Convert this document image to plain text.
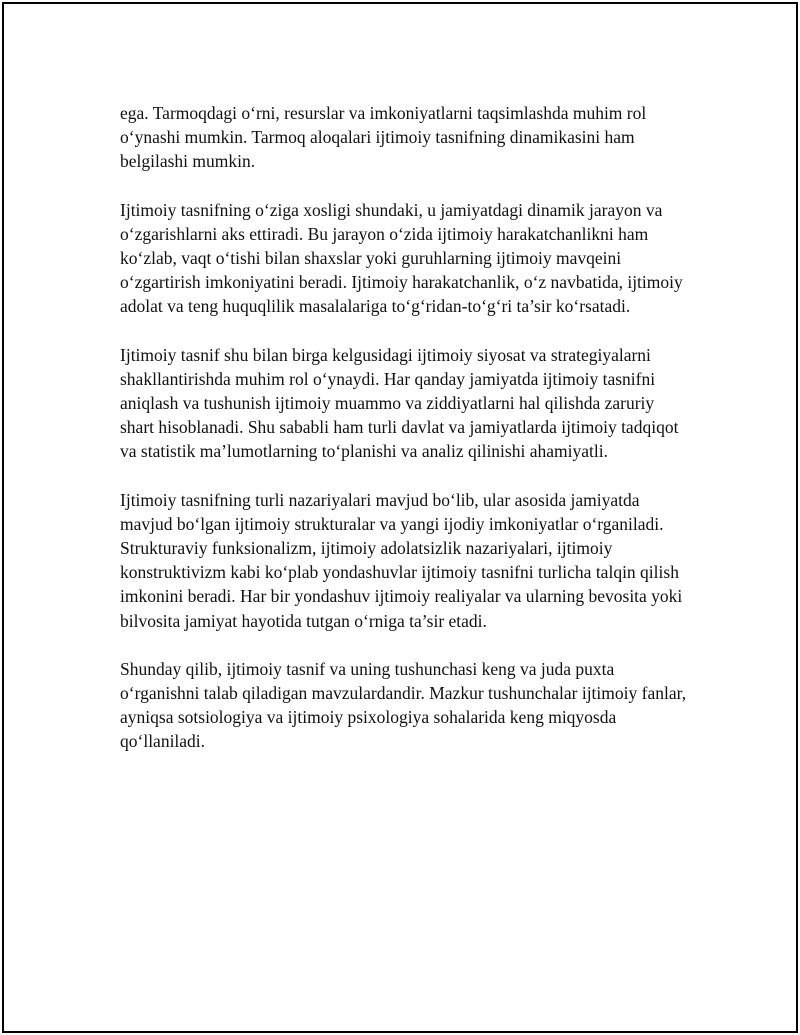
ega. Tarmoqdagi o‘rni, resurslar va imkoniyatlarni taqsimlashda muhim rol o‘ynashi mumkin. Tarmoq aloqalari ijtimoiy tasnifning dinamikasini ham belgilashi mumkin.

Ijtimoiy tasnifning o‘ziga xosligi shundaki, u jamiyatdagi dinamik jarayon va o‘zgarishlarni aks ettiradi. Bu jarayon o‘zida ijtimoiy harakatchanlikni ham ko‘zlab, vaqt o‘tishi bilan shaxslar yoki guruhlarning ijtimoiy mavqeini o‘zgartirish imkoniyatini beradi. Ijtimoiy harakatchanlik, o‘z navbatida, ijtimoiy adolat va teng huquqlilik masalalariga to‘g‘ridan-to‘g‘ri ta’sir ko‘rsatadi.

Ijtimoiy tasnif shu bilan birga kelgusidagi ijtimoiy siyosat va strategiyalarni shakllantirishda muhim rol o‘ynaydi. Har qanday jamiyatda ijtimoiy tasnifni aniqlash va tushunish ijtimoiy muammo va ziddiyatlarni hal qilishda zaruriy shart hisoblanadi. Shu sababli ham turli davlat va jamiyatlarda ijtimoiy tadqiqot va statistik ma’lumotlarning to‘planishi va analiz qilinishi ahamiyatli.

Ijtimoiy tasnifning turli nazariyalari mavjud bo‘lib, ular asosida jamiyatda mavjud bo‘lgan ijtimoiy strukturalar va yangi ijodiy imkoniyatlar o‘rganiladi. Strukturaviy funksionalizm, ijtimoiy adolatsizlik nazariyalari, ijtimoiy konstruktivizm kabi ko‘plab yondashuvlar ijtimoiy tasnifni turlicha talqin qilish imkonini beradi. Har bir yondashuv ijtimoiy realiyalar va ularning bevosita yoki bilvosita jamiyat hayotida tutgan o‘rniga ta’sir etadi.

Shunday qilib, ijtimoiy tasnif va uning tushunchasi keng va juda puxta o‘rganishni talab qiladigan mavzulardandir. Mazkur tushunchalar ijtimoiy fanlar, ayniqsa sotsiologiya va ijtimoiy psixologiya sohalarida keng miqyosda qo‘llaniladi.
